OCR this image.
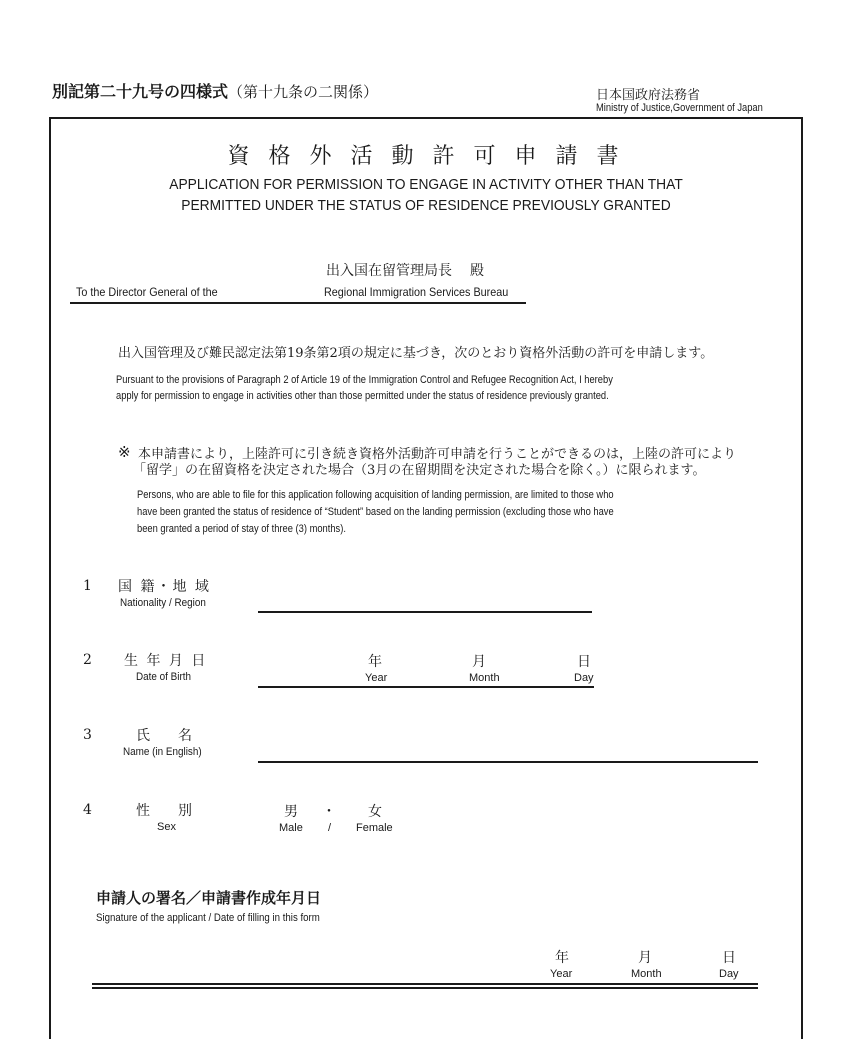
別記第二十九号の四様式（第十九条の二関係）	日本国政府法務省
Ministry of Justice,Government of Japan
資 格 外 活 動 許 可 申 請 書
APPLICATION FOR PERMISSION TO ENGAGE IN ACTIVITY OTHER THAN THAT
PERMITTED UNDER THE STATUS OF RESIDENCE PREVIOUSLY GRANTED
出入国在留管理局長 殿
To the Director General of the	Regional Immigration Services Bureau
出入国管理及び難民認定法第19条第2項の規定に基づき，次のとおり資格外活動の許可を申請します。
Pursuant to the provisions of Paragraph 2 of Article 19 of the Immigration Control and Refugee Recognition Act, I hereby
apply for permission to engage in activities other than those permitted under the status of residence previously granted.
※ 本申請書により，上陸許可に引き続き資格外活動許可申請を行うことができるのは，上陸の許可により
「留学」の在留資格を決定された場合（3月の在留期間を決定された場合を除く。）に限られます。
Persons, who are able to file for this application following acquisition of landing permission, are limited to those who
have been granted the status of residence of “Student” based on the landing permission (excluding those who have
been granted a period of stay of three (3) months).
1 国 籍・地 域
Nationality / Region
2 生 年 月 日
Date of Birth
年
Year
月
Month
日
Day
3	氏　　名
Name (in English)
4	性　　別
Sex
男 ・ 女
Male / Female
申請人の署名／申請書作成年月日
Signature of the applicant / Date of filling in this form
年
Year
月
Month
日
Day
